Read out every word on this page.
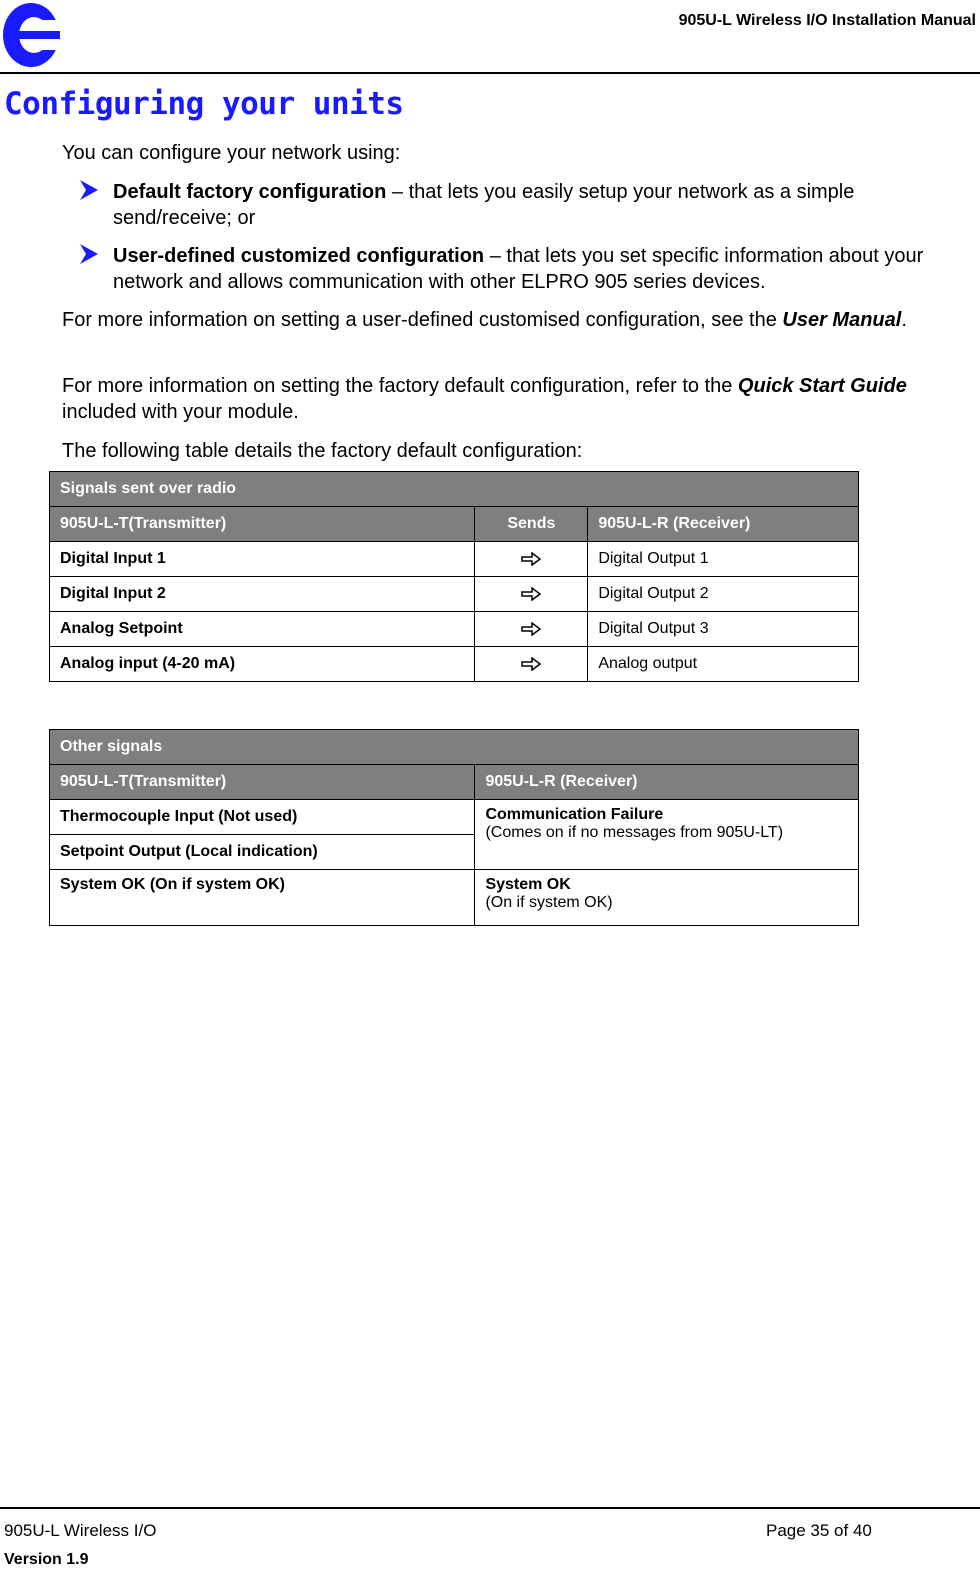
905U-L Wireless I/O Installation Manual
Configuring your units

You can configure your network using:

Default factory configuration – that lets you easily setup your network as a simple send/receive; or
User-defined customized configuration – that lets you set specific information about your network and allows communication with other ELPRO 905 series devices.

For more information on setting a user-defined customised configuration, see the User Manual.

For more information on setting the factory default configuration, refer to the Quick Start Guide included with your module.

The following table details the factory default configuration:

Signals sent over radio		
905U-L-T(Transmitter)	Sends	905U-L-R (Receiver)
Digital Input 1		Digital Output 1
Digital Input 2		Digital Output 2
Analog Setpoint		Digital Output 3
Analog input (4-20 mA)		Analog output
Other signals	
905U-L-T(Transmitter)	905U-L-R (Receiver)
Thermocouple Input (Not used)	Communication Failure
(Comes on if no messages from 905U-LT)

Setpoint Output (Local indication)	
System OK (On if system OK)	System OK
(On if system OK)
905U-L Wireless I/O	Page 35 of 40
Version 1.9
